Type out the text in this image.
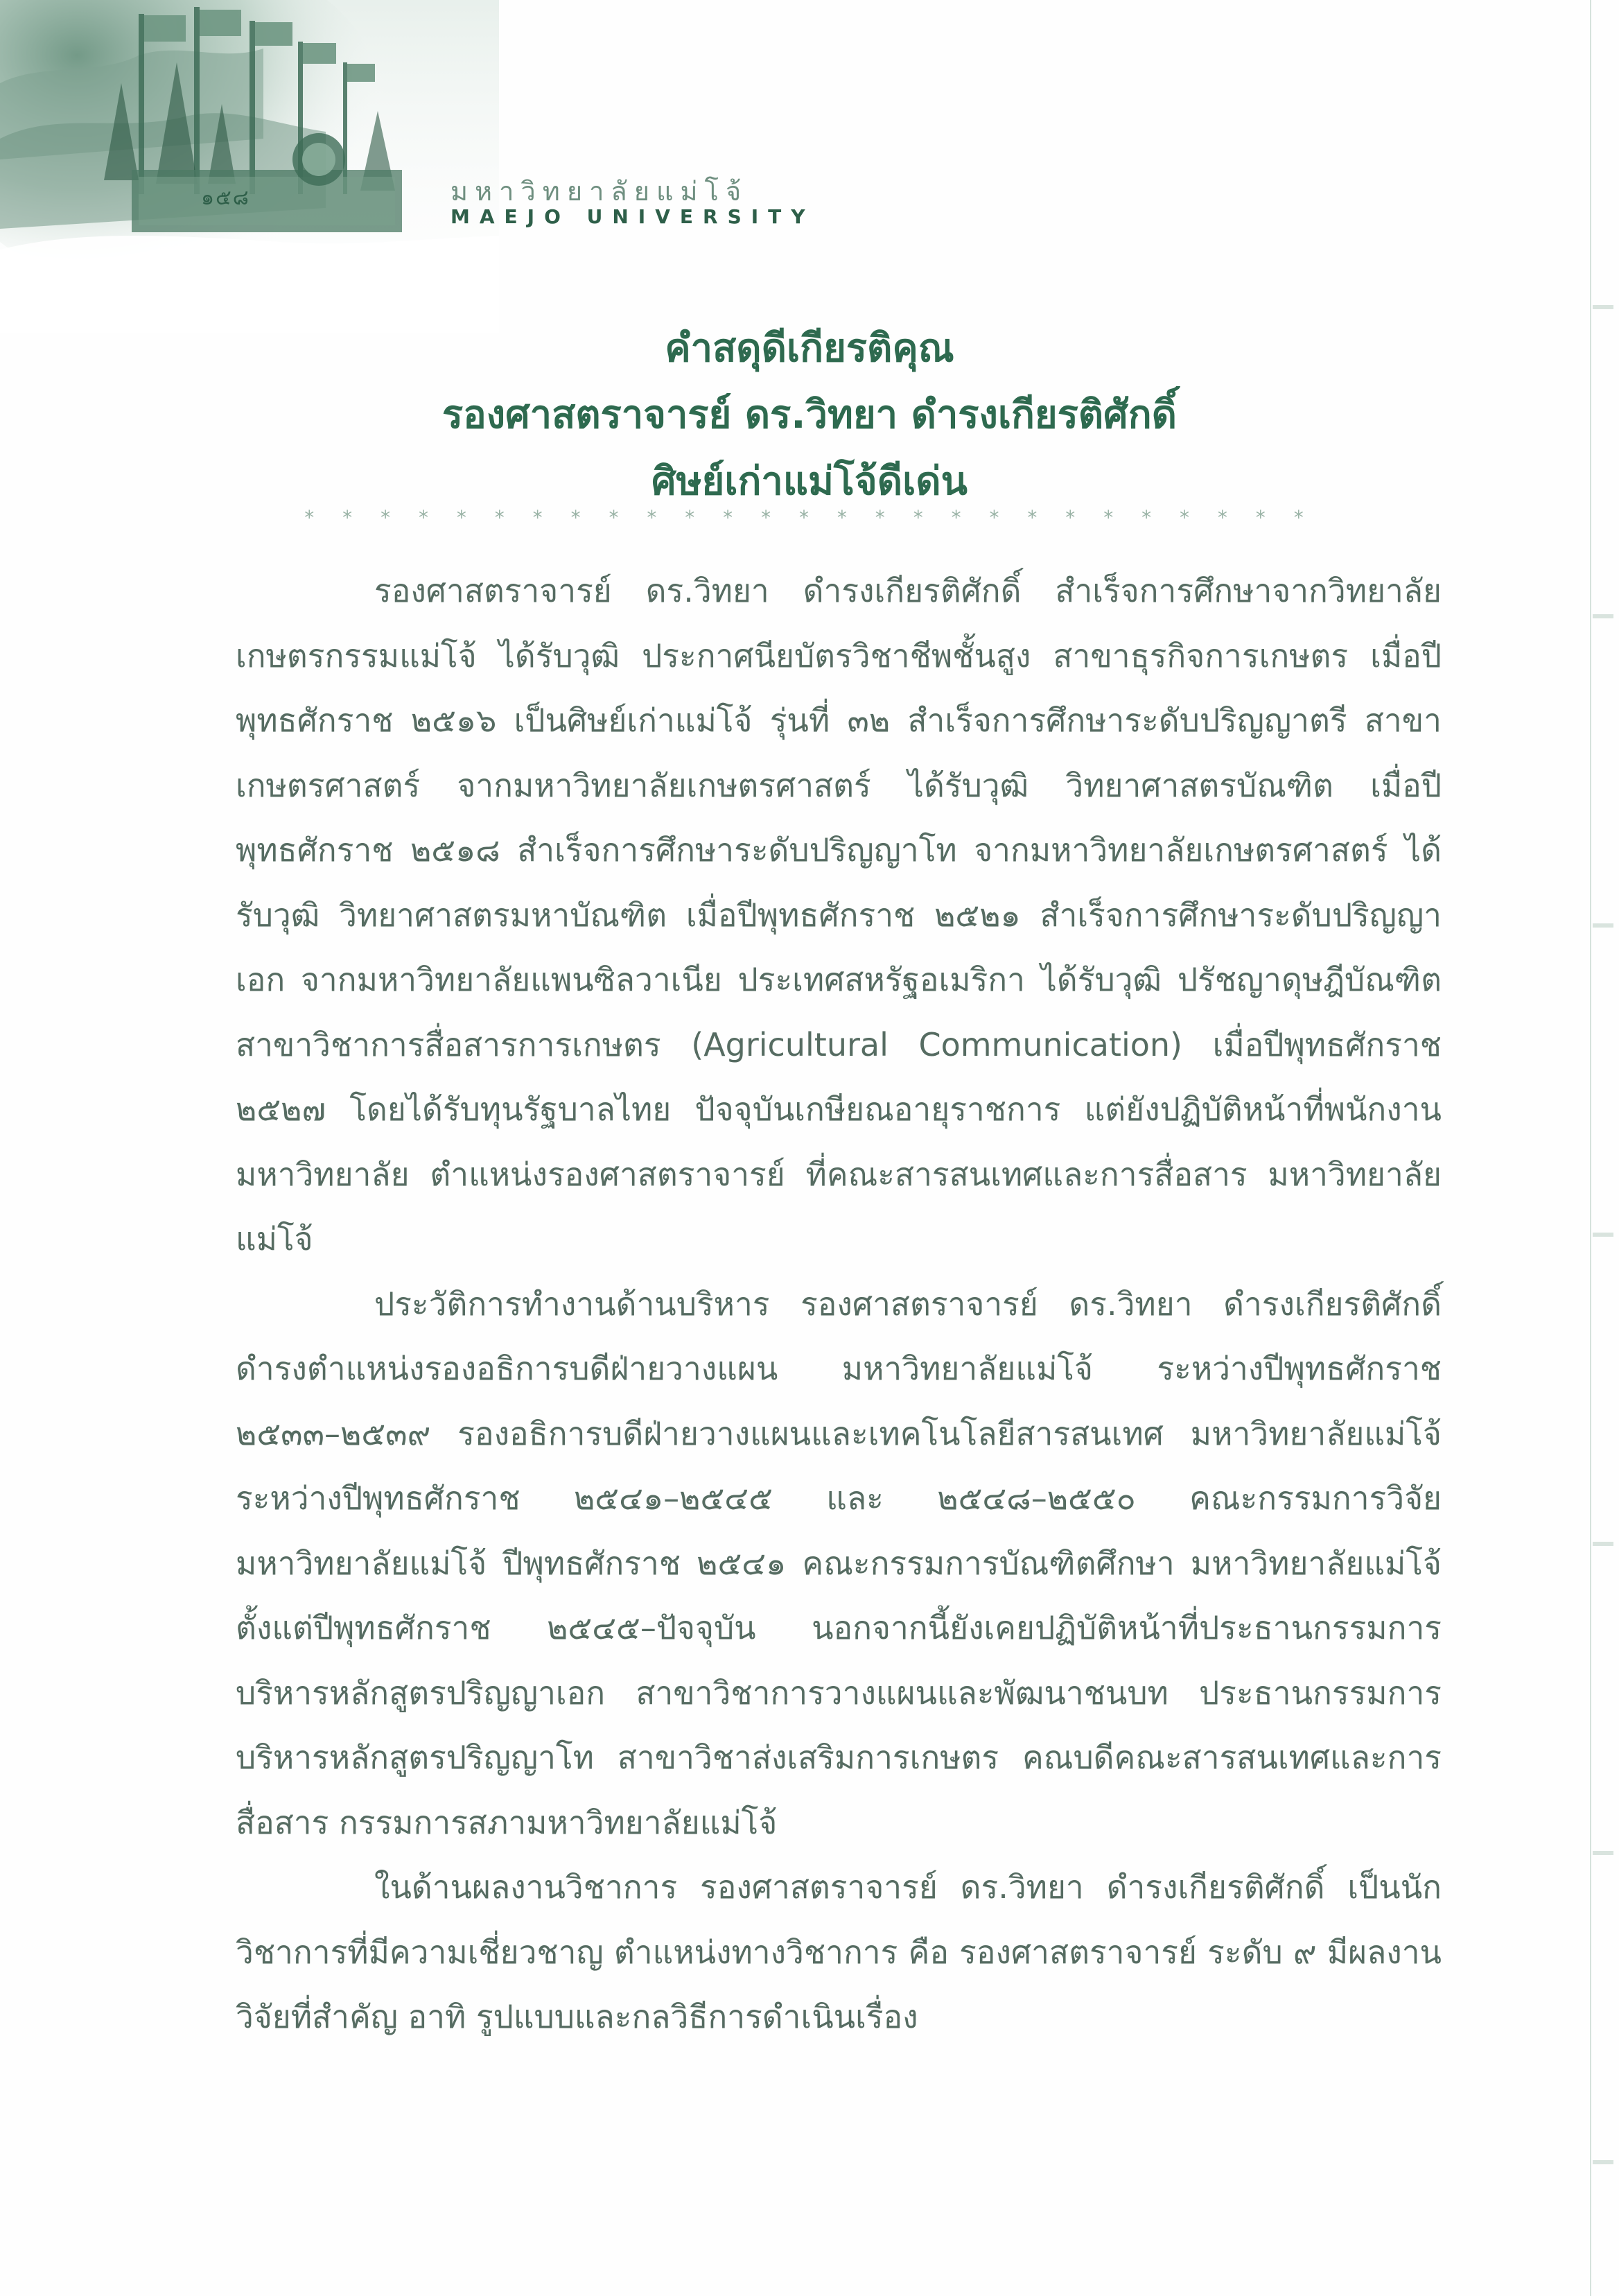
๑๕๘	มหาวิทยาลัยแม่โจ้
MAEJO UNIVERSITY
คำสดุดีเกียรติคุณ
รองศาสตราจารย์ ดร.วิทยา ดำรงเกียรติศักดิ์
ศิษย์เก่าแม่โจ้ดีเด่น
* * * * * * * * * * * * * * * * * * * * * * * * * * *

รองศาสตราจารย์ ดร.วิทยา ดำรงเกียรติศักดิ์ สำเร็จการศึกษาจากวิทยาลัยเกษตรกรรมแม่โจ้ ได้รับวุฒิ ประกาศนียบัตรวิชาชีพชั้นสูง สาขาธุรกิจการเกษตร เมื่อปีพุทธศักราช ๒๕๑๖ เป็นศิษย์เก่าแม่โจ้ รุ่นที่ ๓๒ สำเร็จการศึกษาระดับปริญญาตรี สาขาเกษตรศาสตร์ จากมหาวิทยาลัยเกษตรศาสตร์ ได้รับวุฒิ วิทยาศาสตรบัณฑิต เมื่อปีพุทธศักราช ๒๕๑๘ สำเร็จการศึกษาระดับปริญญาโท จากมหาวิทยาลัยเกษตรศาสตร์ ได้รับวุฒิ วิทยาศาสตรมหาบัณฑิต เมื่อปีพุทธศักราช ๒๕๒๑ สำเร็จการศึกษาระดับปริญญาเอก จากมหาวิทยาลัยแพนซิลวาเนีย ประเทศสหรัฐอเมริกา ได้รับวุฒิ ปรัชญาดุษฎีบัณฑิต สาขาวิชาการสื่อสารการเกษตร (Agricultural Communication) เมื่อปีพุทธศักราช ๒๕๒๗ โดยได้รับทุนรัฐบาลไทย ปัจจุบันเกษียณอายุราชการ แต่ยังปฏิบัติหน้าที่พนักงานมหาวิทยาลัย ตำแหน่งรองศาสตราจารย์ ที่คณะสารสนเทศและการสื่อสาร มหาวิทยาลัยแม่โจ้

ประวัติการทำงานด้านบริหาร รองศาสตราจารย์ ดร.วิทยา ดำรงเกียรติศักดิ์ ดำรงตำแหน่งรองอธิการบดีฝ่ายวางแผน มหาวิทยาลัยแม่โจ้ ระหว่างปีพุทธศักราช ๒๕๓๓–๒๕๓๙ รองอธิการบดีฝ่ายวางแผนและเทคโนโลยีสารสนเทศ มหาวิทยาลัยแม่โจ้ ระหว่างปีพุทธศักราช ๒๕๔๑–๒๕๔๕ และ ๒๕๔๘–๒๕๕๐ คณะกรรมการวิจัย มหาวิทยาลัยแม่โจ้ ปีพุทธศักราช ๒๕๔๑ คณะกรรมการบัณฑิตศึกษา มหาวิทยาลัยแม่โจ้ ตั้งแต่ปีพุทธศักราช ๒๕๔๕–ปัจจุบัน นอกจากนี้ยังเคยปฏิบัติหน้าที่ประธานกรรมการบริหารหลักสูตรปริญญาเอก สาขาวิชาการวางแผนและพัฒนาชนบท ประธานกรรมการบริหารหลักสูตรปริญญาโท สาขาวิชาส่งเสริมการเกษตร คณบดีคณะสารสนเทศและการสื่อสาร กรรมการสภามหาวิทยาลัยแม่โจ้

ในด้านผลงานวิชาการ รองศาสตราจารย์ ดร.วิทยา ดำรงเกียรติศักดิ์ เป็นนักวิชาการที่มีความเชี่ยวชาญ ตำแหน่งทางวิชาการ คือ รองศาสตราจารย์ ระดับ ๙ มีผลงานวิจัยที่สำคัญ อาทิ รูปแบบและกลวิธีการดำเนินเรื่อง
